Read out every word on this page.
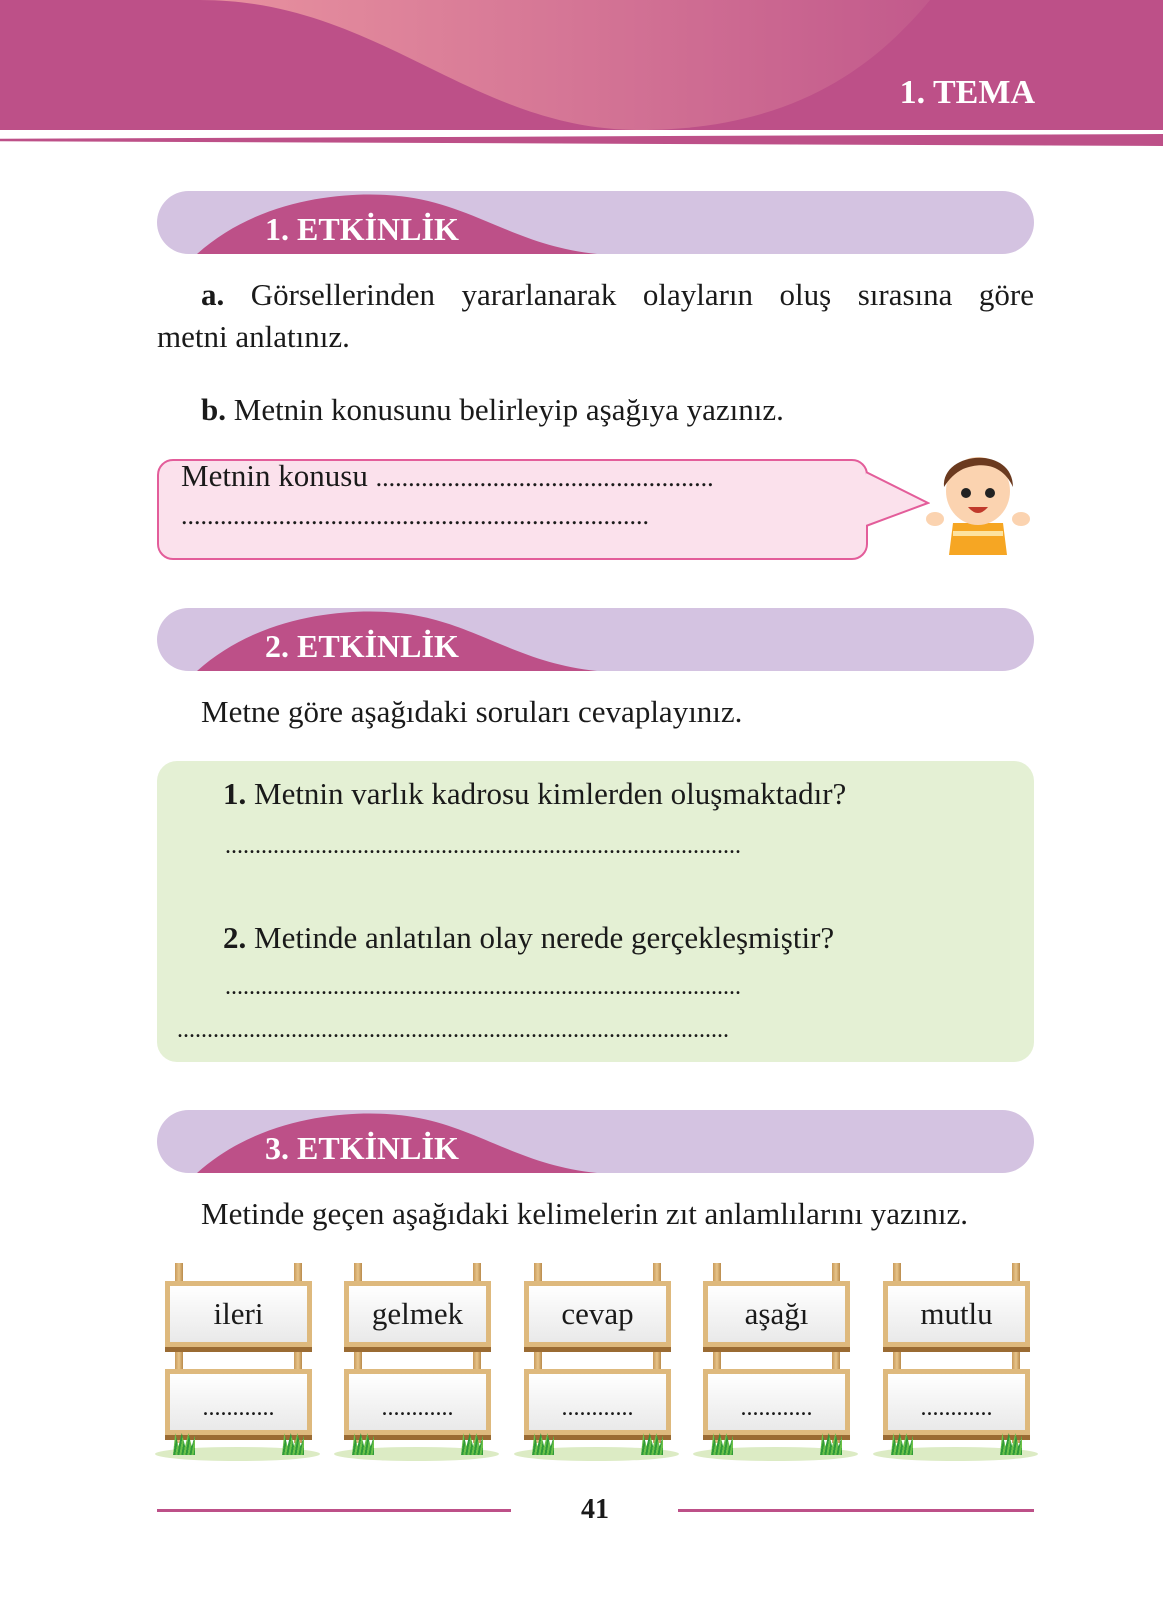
1. TEMA
1. ETKİNLİK
a. Görsellerinden yararlanarak olayların oluş sırasına göre
metni anlatınız.
b. Metnin konusunu belirleyip aşağıya yazınız.
Metnin konusu ....................................................
........................................................................
2. ETKİNLİK
Metne göre aşağıdaki soruları cevaplayınız.
1. Metnin varlık kadrosu kimlerden oluşmaktadır?
......................................................................................
2. Metinde anlatılan olay nerede gerçekleşmiştir?
......................................................................................
............................................................................................
3. ETKİNLİK
Metinde geçen aşağıdaki kelimelerin zıt anlamlılarını yazınız.
ileri
............
gelmek
............
cevap
............
aşağı
............
mutlu
............
41
